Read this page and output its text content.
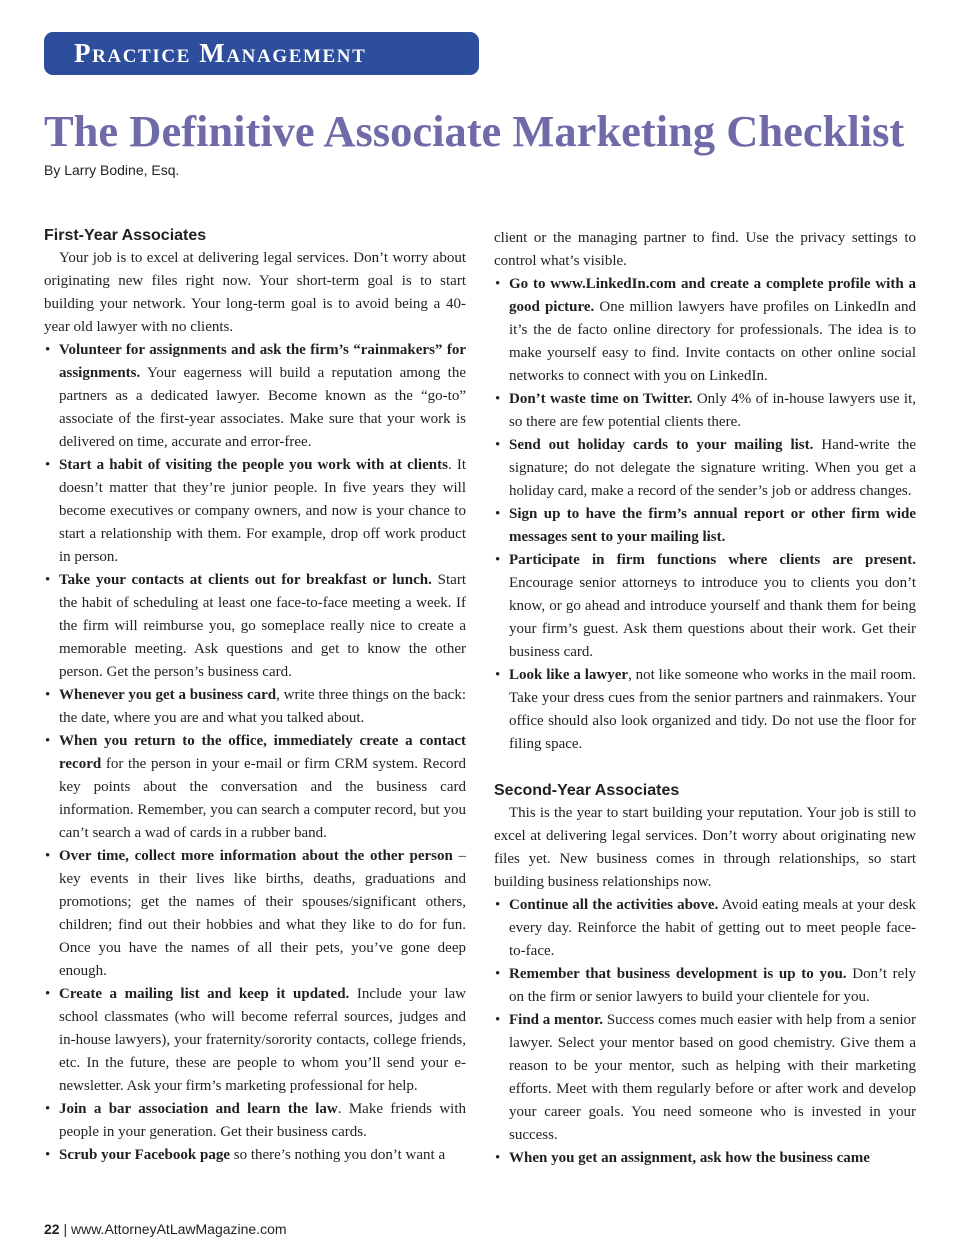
Practice Management
The Definitive Associate Marketing Checklist

By Larry Bodine, Esq.

First-Year Associates

Your job is to excel at delivering legal services. Don’t worry about originating new files right now. Your short-term goal is to start building your network. Your long-term goal is to avoid being a 40-year old lawyer with no clients.

• Volunteer for assignments and ask the firm’s “rainmakers” for assignments. Your eagerness will build a reputation among the partners as a dedicated lawyer. Become known as the “go-to” associate of the first-year associates. Make sure that your work is delivered on time, accurate and error-free.
• Start a habit of visiting the people you work with at clients. It doesn’t matter that they’re junior people. In five years they will become executives or company owners, and now is your chance to start a relationship with them. For example, drop off work product in person.
• Take your contacts at clients out for breakfast or lunch. Start the habit of scheduling at least one face-to-face meeting a week. If the firm will reimburse you, go someplace really nice to create a memorable meeting. Ask questions and get to know the other person. Get the person’s business card.
• Whenever you get a business card, write three things on the back: the date, where you are and what you talked about.
• When you return to the office, immediately create a contact record for the person in your e-mail or firm CRM system. Record key points about the conversation and the business card information. Remember, you can search a computer record, but you can’t search a wad of cards in a rubber band.
• Over time, collect more information about the other person – key events in their lives like births, deaths, graduations and promotions; get the names of their spouses/significant others, children; find out their hobbies and what they like to do for fun. Once you have the names of all their pets, you’ve gone deep enough.
• Create a mailing list and keep it updated. Include your law school classmates (who will become referral sources, judges and in-house lawyers), your fraternity/sorority contacts, college friends, etc. In the future, these are people to whom you’ll send your e-newsletter. Ask your firm’s marketing professional for help.
• Join a bar association and learn the law. Make friends with people in your generation. Get their business cards.
• Scrub your Facebook page so there’s nothing you don’t want a

client or the managing partner to find. Use the privacy settings to control what’s visible.

• Go to www.LinkedIn.com and create a complete profile with a good picture. One million lawyers have profiles on LinkedIn and it’s the de facto online directory for professionals. The idea is to make yourself easy to find. Invite contacts on other online social networks to connect with you on LinkedIn.
• Don’t waste time on Twitter. Only 4% of in-house lawyers use it, so there are few potential clients there.
• Send out holiday cards to your mailing list. Hand-write the signature; do not delegate the signature writing. When you get a holiday card, make a record of the sender’s job or address changes.
• Sign up to have the firm’s annual report or other firm wide messages sent to your mailing list.
• Participate in firm functions where clients are present. Encourage senior attorneys to introduce you to clients you don’t know, or go ahead and introduce yourself and thank them for being your firm’s guest. Ask them questions about their work. Get their business card.
• Look like a lawyer, not like someone who works in the mail room. Take your dress cues from the senior partners and rainmakers. Your office should also look organized and tidy. Do not use the floor for filing space.
Second-Year Associates

This is the year to start building your reputation. Your job is still to excel at delivering legal services. Don’t worry about originating new files yet. New business comes in through relationships, so start building business relationships now.

• Continue all the activities above. Avoid eating meals at your desk every day. Reinforce the habit of getting out to meet people face-to-face.
• Remember that business development is up to you. Don’t rely on the firm or senior lawyers to build your clientele for you.
• Find a mentor. Success comes much easier with help from a senior lawyer. Select your mentor based on good chemistry. Give them a reason to be your mentor, such as helping with their marketing efforts. Meet with them regularly before or after work and develop your career goals. You need someone who is invested in your success.
• When you get an assignment, ask how the business came

22 | www.AttorneyAtLawMagazine.com
